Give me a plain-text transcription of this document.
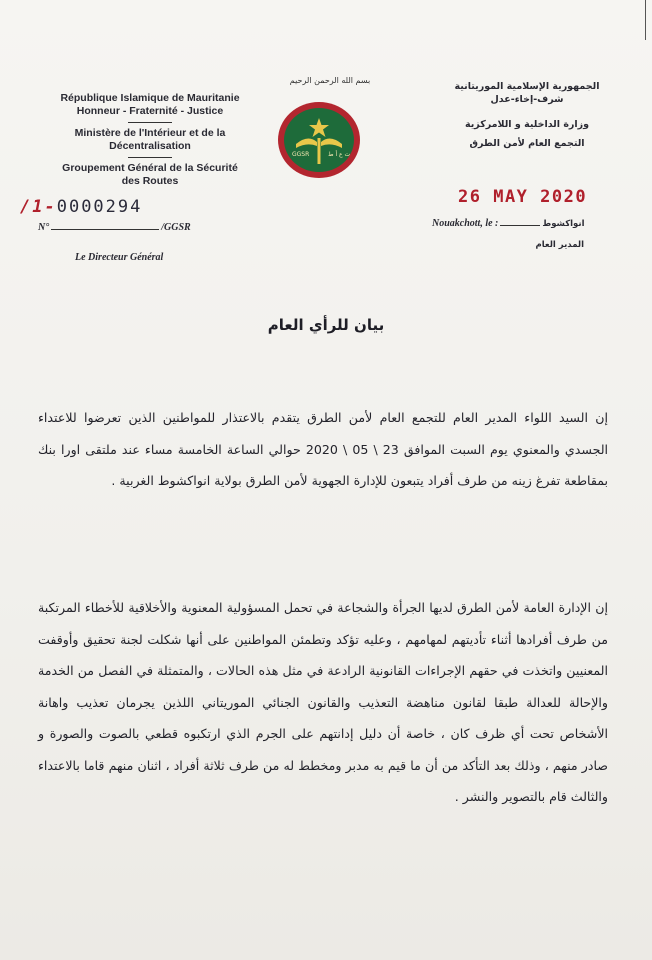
République Islamique de Mauritanie
Honneur - Fraternité - Justice
Ministère de l'Intérieur et de la
Décentralisation
Groupement Général de la Sécurité
des Routes
بسم الله الرحمن الرحيم
GGSR	ت ع أ ط
الجمهورية الإسلامية الموريتانية
شرف-إخاء-عدل
وزارة الداخلية و اللامركزية
التجمع العام لأمن الطرق
26 MAY 2020
/1-0000294
N°	/GGSR	Nouakchott, le :	انواكشوط
Le Directeur Général
المدير العام
بيان للرأي العام
إن السيد اللواء المدير العام للتجمع العام لأمن الطرق يتقدم بالاعتذار للمواطنين الذين تعرضوا للاعتداء الجسدي والمعنوي يوم السبت الموافق 23 \ 05 \ 2020 حوالي الساعة الخامسة مساء عند ملتقى اورا بنك بمقاطعة تفرغ زينه من طرف أفراد يتبعون للإدارة الجهوية لأمن الطرق بولاية انواكشوط الغربية .
إن الإدارة العامة لأمن الطرق لديها الجرأة والشجاعة في تحمل المسؤولية المعنوية والأخلاقية للأخطاء المرتكبة من طرف أفرادها أثناء تأديتهم لمهامهم ، وعليه تؤكد وتطمئن المواطنين على أنها شكلت لجنة تحقيق وأوقفت المعنيين واتخذت في حقهم الإجراءات القانونية الرادعة في مثل هذه الحالات ، والمتمثلة في الفصل من الخدمة والإحالة للعدالة طبقا لقانون مناهضة التعذيب والقانون الجنائي الموريتاني اللذين يجرمان تعذيب واهانة الأشخاص تحت أي ظرف كان ، خاصة أن دليل إدانتهم على الجرم الذي ارتكبوه قطعي بالصوت والصورة و صادر منهم ، وذلك بعد التأكد من أن ما قيم به مدبر ومخطط له من طرف ثلاثة أفراد ، اثنان منهم قاما بالاعتداء والثالث قام بالتصوير والنشر .
